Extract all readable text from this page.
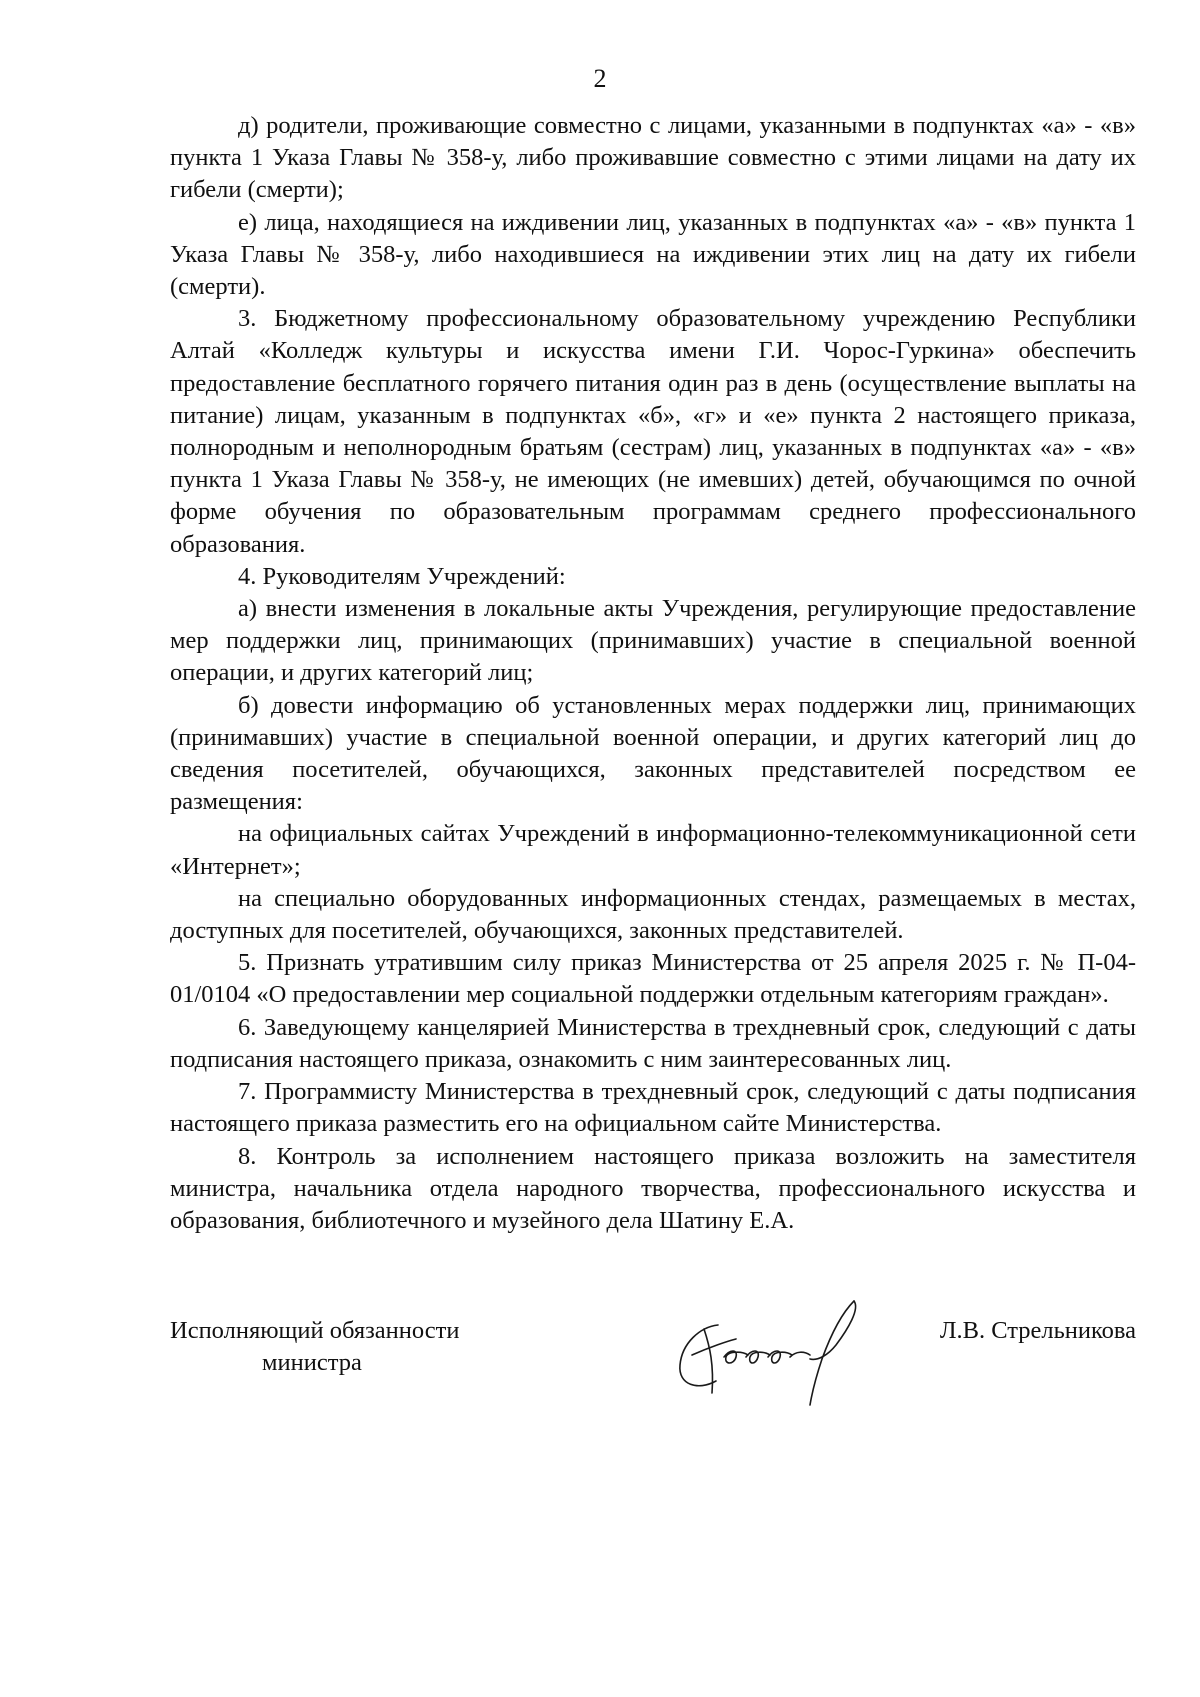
2

д) родители, проживающие совместно с лицами, указанными в подпунктах «а» - «в» пункта 1 Указа Главы № 358-у, либо проживавшие совместно с этими лицами на дату их гибели (смерти);

е) лица, находящиеся на иждивении лиц, указанных в подпунктах «а» - «в» пункта 1 Указа Главы № 358-у, либо находившиеся на иждивении этих лиц на дату их гибели (смерти).

3. Бюджетному профессиональному образовательному учреждению Республики Алтай «Колледж культуры и искусства имени Г.И. Чорос-Гуркина» обеспечить предоставление бесплатного горячего питания один раз в день (осуществление выплаты на питание) лицам, указанным в подпунктах «б», «г» и «е» пункта 2 настоящего приказа, полнородным и неполнородным братьям (сестрам) лиц, указанных в подпунктах «а» - «в» пункта 1 Указа Главы № 358-у, не имеющих (не имевших) детей, обучающимся по очной форме обучения по образовательным программам среднего профессионального образования.

4. Руководителям Учреждений:

а) внести изменения в локальные акты Учреждения, регулирующие предоставление мер поддержки лиц, принимающих (принимавших) участие в специальной военной операции, и других категорий лиц;

б) довести информацию об установленных мерах поддержки лиц, принимающих (принимавших) участие в специальной военной операции, и других категорий лиц до сведения посетителей, обучающихся, законных представителей посредством ее размещения:

на официальных сайтах Учреждений в информационно-телекоммуникационной сети «Интернет»;

на специально оборудованных информационных стендах, размещаемых в местах, доступных для посетителей, обучающихся, законных представителей.

5. Признать утратившим силу приказ Министерства от 25 апреля 2025 г. № П-04-01/0104 «О предоставлении мер социальной поддержки отдельным категориям граждан».

6. Заведующему канцелярией Министерства в трехдневный срок, следующий с даты подписания настоящего приказа, ознакомить с ним заинтересованных лиц.

7. Программисту Министерства в трехдневный срок, следующий с даты подписания настоящего приказа разместить его на официальном сайте Министерства.

8. Контроль за исполнением настоящего приказа возложить на заместителя министра, начальника отдела народного творчества, профессионального искусства и образования, библиотечного и музейного дела Шатину Е.А.

Исполняющий обязанности
министра
Л.В. Стрельникова
